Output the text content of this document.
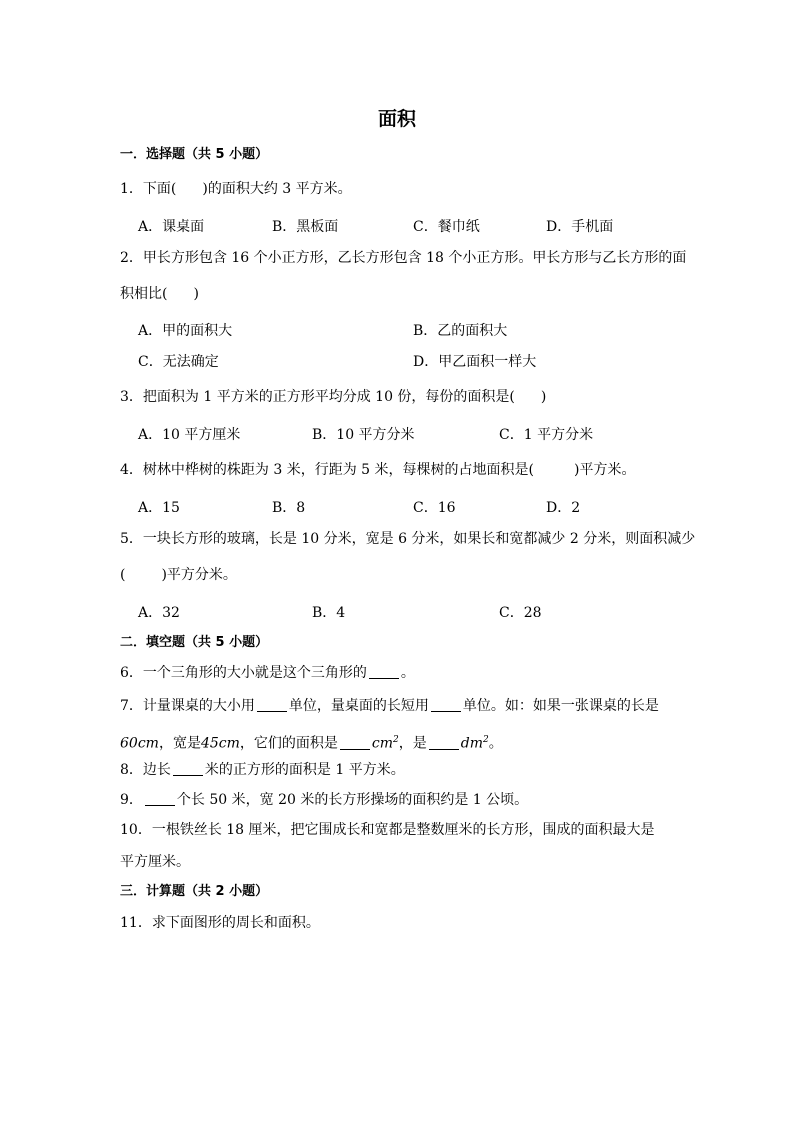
面积
一．选择题（共 5 小题）
1．下面( )的面积大约 3 平方米。
A．课桌面	B．黑板面	C．餐巾纸	D．手机面
2．甲长方形包含 16 个小正方形，乙长方形包含 18 个小正方形。甲长方形与乙长方形的面
积相比( )
A．甲的面积大	B．乙的面积大
C．无法确定	D．甲乙面积一样大
3．把面积为 1 平方米的正方形平均分成 10 份，每份的面积是( )
A．10 平方厘米	B．10 平方分米	C．1 平方分米
4．树林中桦树的株距为 3 米，行距为 5 米，每棵树的占地面积是(	)平方米。
A．15	B．8	C．16	D．2
5．一块长方形的玻璃，长是 10 分米，宽是 6 分米，如果长和宽都减少 2 分米，则面积减少
(	)平方分米。
A．32	B．4	C．28
二．填空题（共 5 小题）
6．一个三角形的大小就是这个三角形的 。
7．计量课桌的大小用 单位，量桌面的长短用 单位。如：如果一张课桌的长是
60cm，宽是45cm，它们的面积是 $cm^2$，是 $dm^2$。
8．边长 米的正方形的面积是 1 平方米。
9． 个长 50 米，宽 20 米的长方形操场的面积约是 1 公顷。
10．一根铁丝长 18 厘米，把它围成长和宽都是整数厘米的长方形，围成的面积最大是
平方厘米。
三．计算题（共 2 小题）
11．求下面图形的周长和面积。
